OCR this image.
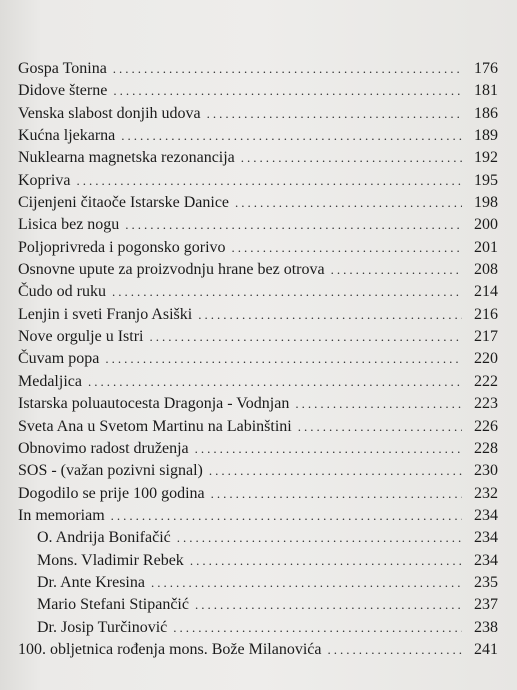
Gospa Tonina .....	176
Didove šterne .....	181
Venska slabost donjih udova .....	186
Kućna ljekarna .....	189
Nuklearna magnetska rezonancija .....	192
Kopriva .....	195
Cijenjeni čitaoče Istarske Danice .....	198
Lisica bez nogu .....	200
Poljoprivreda i pogonsko gorivo .....	201
Osnovne upute za proizvodnju hrane bez otrova .....	208
Čudo od ruku .....	214
Lenjin i sveti Franjo Asiški .....	216
Nove orgulje u Istri .....	217
Čuvam popa .....	220
Medaljica .....	222
Istarska poluautocesta Dragonja - Vodnjan .....	223
Sveta Ana u Svetom Martinu na Labinštini .....	226
Obnovimo radost druženja .....	228
SOS - (važan pozivni signal) .....	230
Dogodilo se prije 100 godina .....	232
In memoriam .....	234
O. Andrija Bonifačić .....	234
Mons. Vladimir Rebek .....	234
Dr. Ante Kresina .....	235
Mario Stefani Stipančić .....	237
Dr. Josip Turčinović .....	238
100. obljetnica rođenja mons. Bože Milanovića .....	241
